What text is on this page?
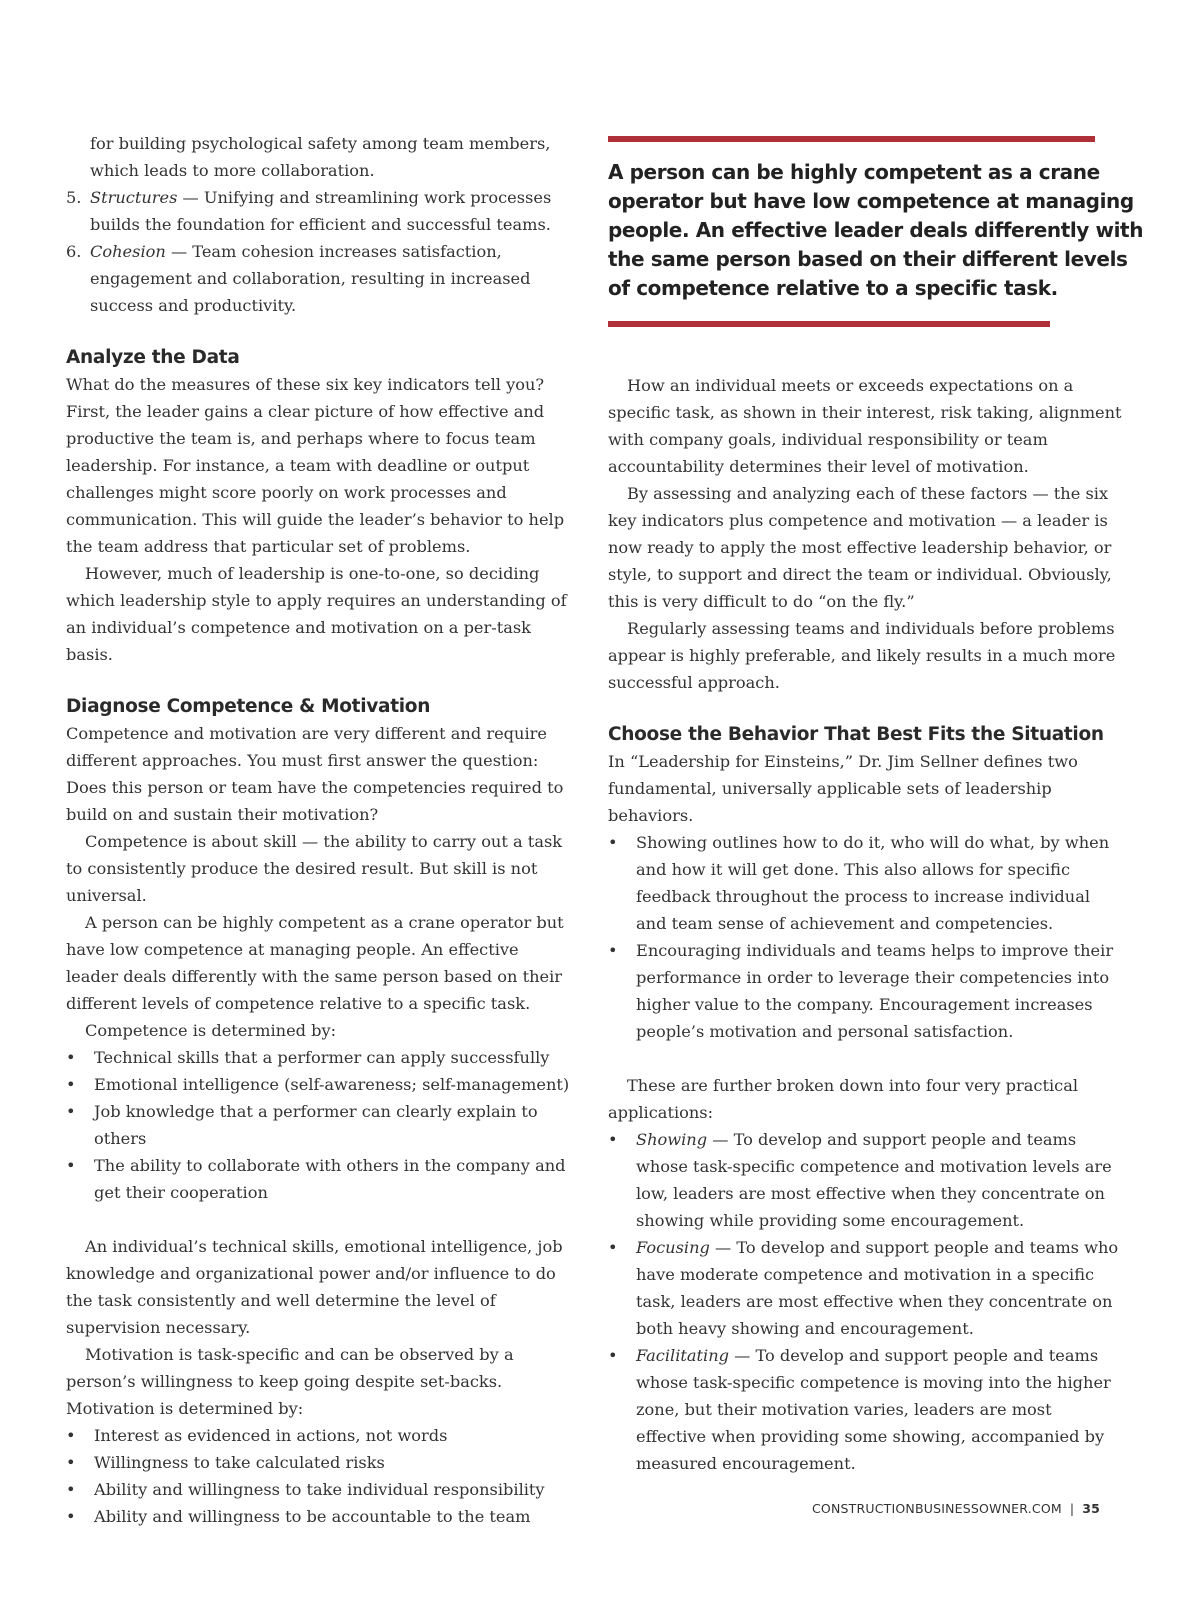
for building psychological safety among team members, which leads to more collaboration.

5. Structures — Unifying and streamlining work processes builds the foundation for efficient and successful teams.
6. Cohesion — Team cohesion increases satisfaction, engagement and collaboration, resulting in increased success and productivity.
Analyze the Data

What do the measures of these six key indicators tell you? First, the leader gains a clear picture of how effective and productive the team is, and perhaps where to focus team leadership. For instance, a team with deadline or output challenges might score poorly on work processes and communication. This will guide the leader’s behavior to help the team address that particular set of problems.

However, much of leadership is one-to-one, so deciding which leadership style to apply requires an understanding of an individual’s competence and motivation on a per-task basis.

Diagnose Competence & Motivation

Competence and motivation are very different and require different approaches. You must first answer the question: Does this person or team have the competencies required to build on and sustain their motivation?

Competence is about skill — the ability to carry out a task to consistently produce the desired result. But skill is not universal.

A person can be highly competent as a crane operator but have low competence at managing people. An effective leader deals differently with the same person based on their different levels of competence relative to a specific task.

Competence is determined by:

• Technical skills that a performer can apply successfully
• Emotional intelligence (self-awareness; self-management)
• Job knowledge that a performer can clearly explain to others
• The ability to collaborate with others in the company and get their cooperation

An individual’s technical skills, emotional intelligence, job knowledge and organizational power and/or influence to do the task consistently and well determine the level of supervision necessary.

Motivation is task-specific and can be observed by a person’s willingness to keep going despite set-backs. Motivation is determined by:

• Interest as evidenced in actions, not words
• Willingness to take calculated risks
• Ability and willingness to take individual responsibility
• Ability and willingness to be accountable to the team

A person can be highly competent as a crane operator but have low competence at managing people. An effective leader deals differently with the same person based on their different levels of competence relative to a specific task.

How an individual meets or exceeds expectations on a specific task, as shown in their interest, risk taking, alignment with company goals, individual responsibility or team accountability determines their level of motivation.

By assessing and analyzing each of these factors — the six key indicators plus competence and motivation — a leader is now ready to apply the most effective leadership behavior, or style, to support and direct the team or individual. Obviously, this is very difficult to do “on the fly.”

Regularly assessing teams and individuals before problems appear is highly preferable, and likely results in a much more successful approach.

Choose the Behavior That Best Fits the Situation

In “Leadership for Einsteins,” Dr. Jim Sellner defines two fundamental, universally applicable sets of leadership behaviors.

• Showing outlines how to do it, who will do what, by when and how it will get done. This also allows for specific feedback throughout the process to increase individual and team sense of achievement and competencies.
• Encouraging individuals and teams helps to improve their performance in order to leverage their competencies into higher value to the company. Encouragement increases people’s motivation and personal satisfaction.

These are further broken down into four very practical applications:

• Showing — To develop and support people and teams whose task-specific competence and motivation levels are low, leaders are most effective when they concentrate on showing while providing some encouragement.
• Focusing — To develop and support people and teams who have moderate competence and motivation in a specific task, leaders are most effective when they concentrate on both heavy showing and encouragement.
• Facilitating — To develop and support people and teams whose task-specific competence is moving into the higher zone, but their motivation varies, leaders are most effective when providing some showing, accompanied by measured encouragement.
CONSTRUCTIONBUSINESSOWNER.COM | 35
